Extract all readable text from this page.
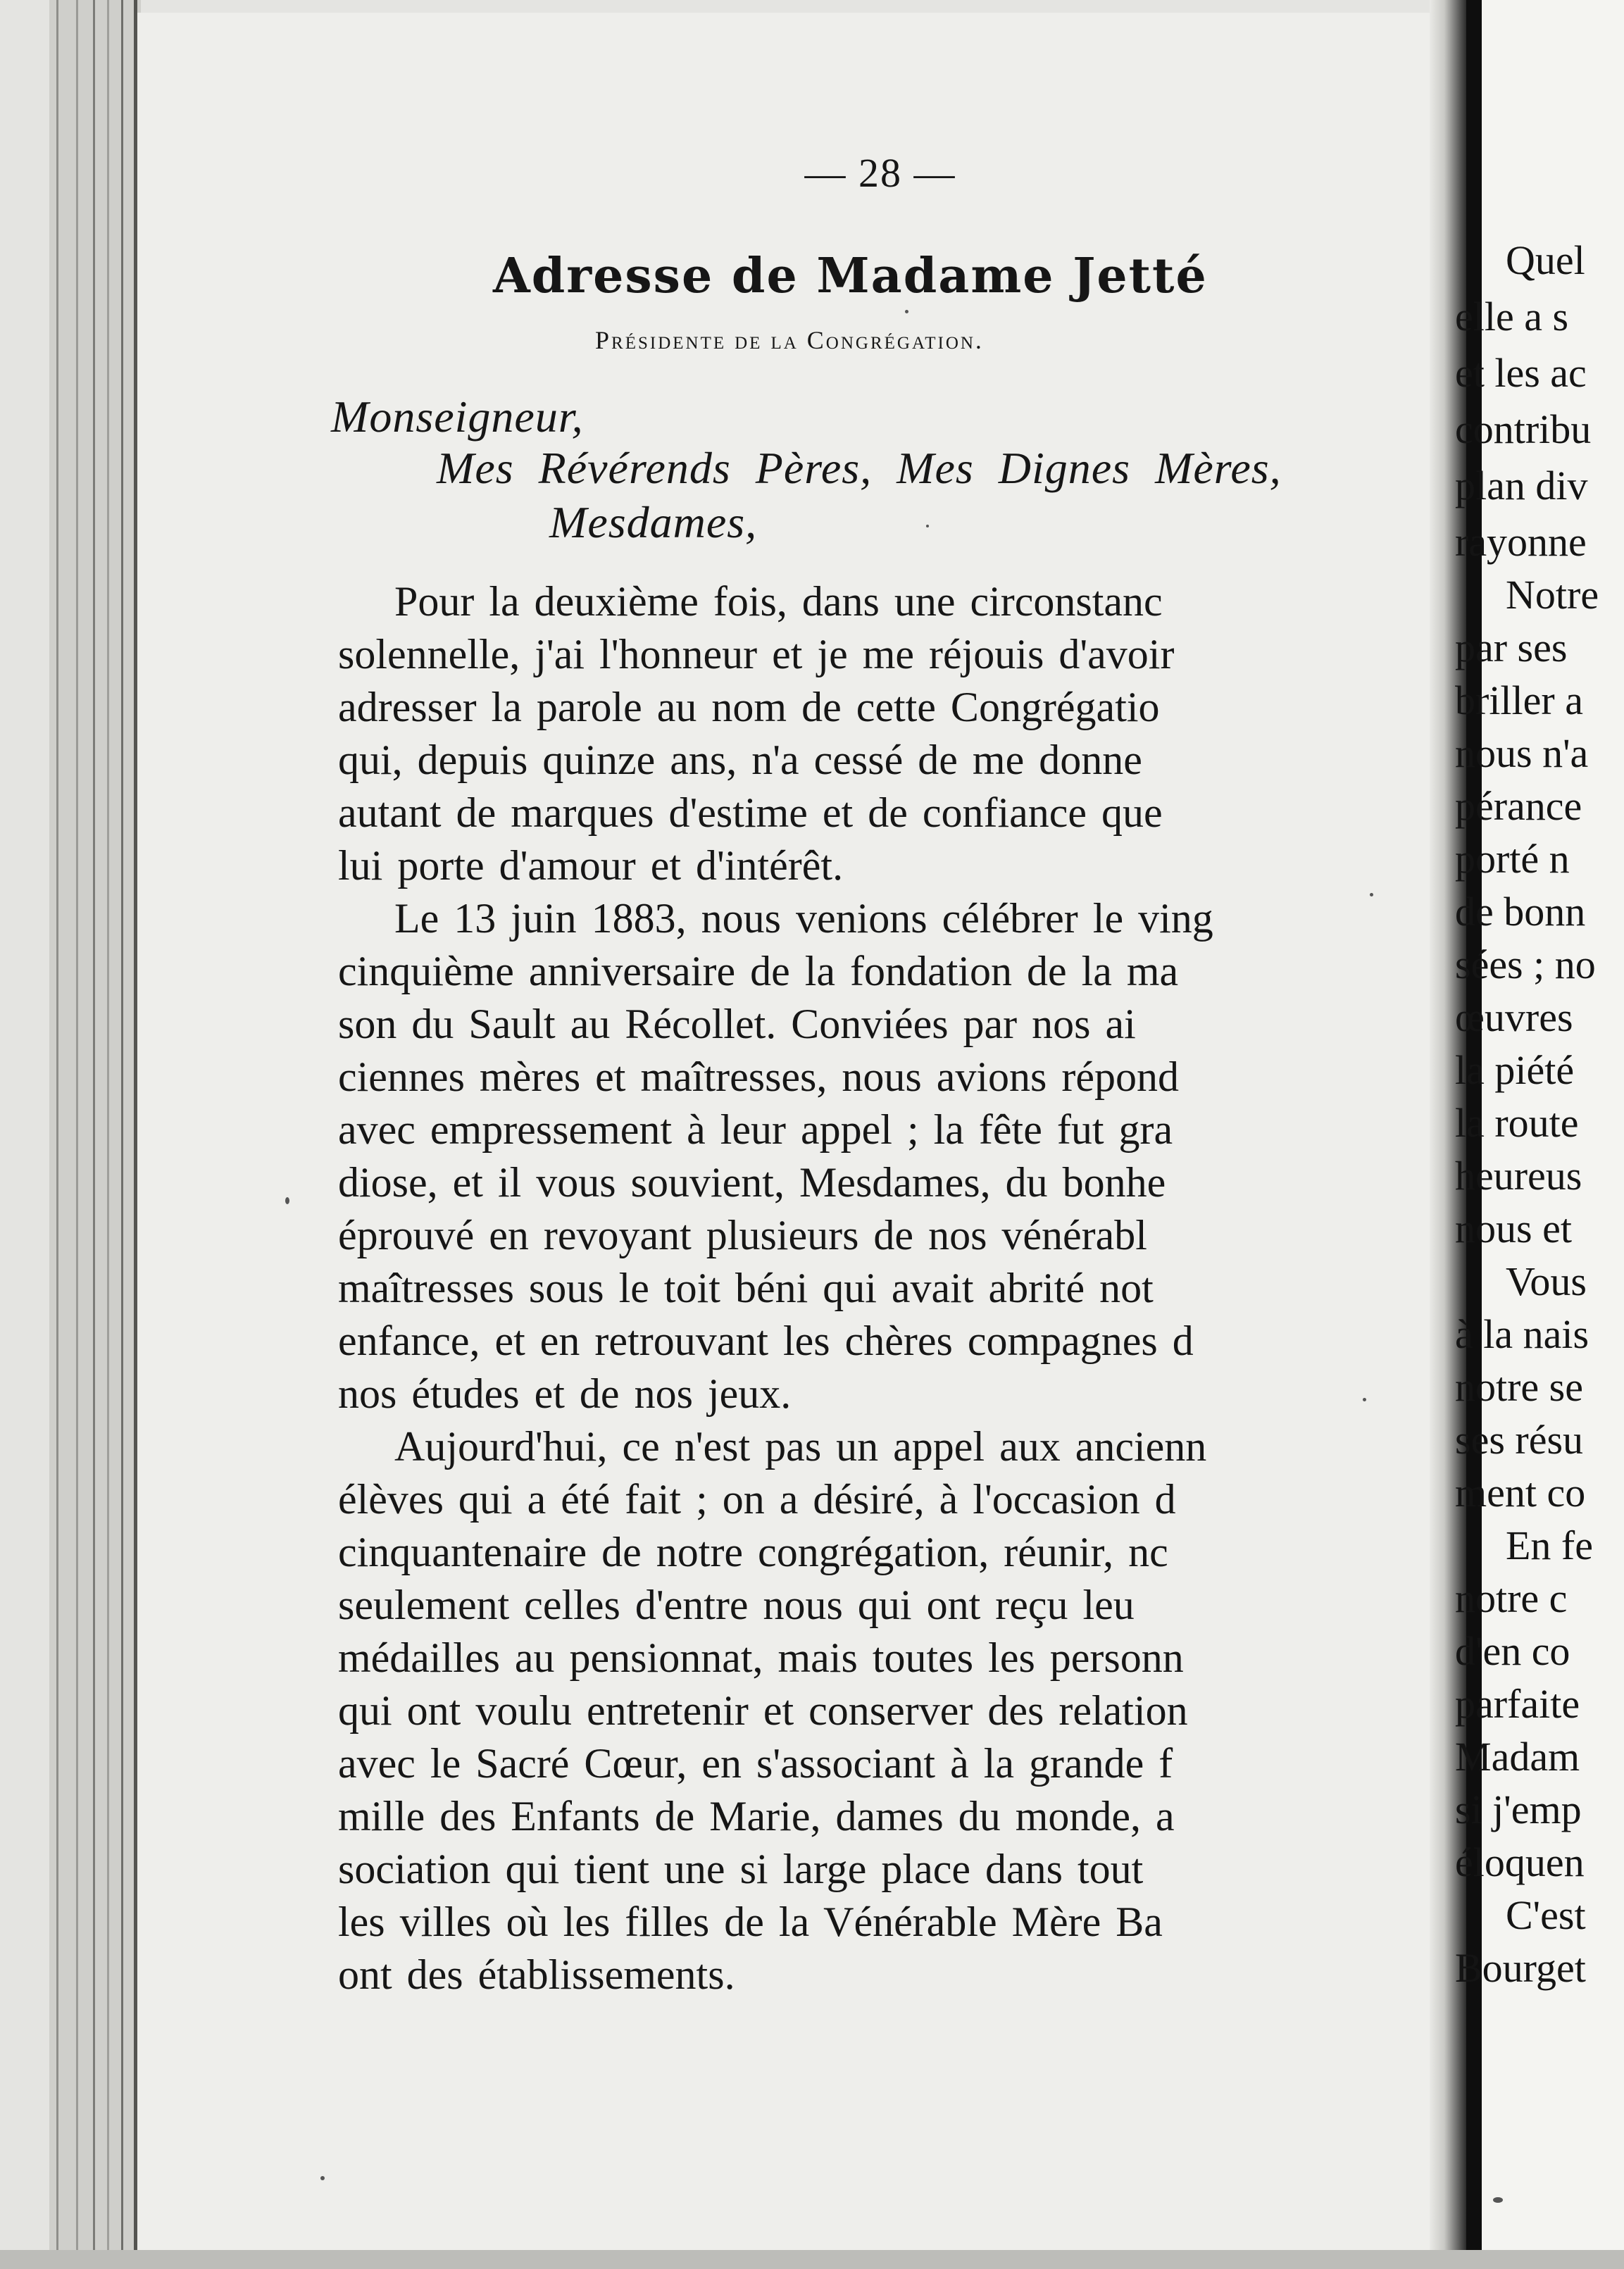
— 28 —
Adresse de Madame Jetté
Présidente de la Congrégation.
Monseigneur,
Mes Révérends Pères, Mes Dignes Mères,
Mesdames,
Pour la deuxième fois, dans une circonstanc
solennelle, j'ai l'honneur et je me réjouis d'avoir
adresser la parole au nom de cette Congrégatio
qui, depuis quinze ans, n'a cessé de me donne
autant de marques d'estime et de confiance que
lui porte d'amour et d'intérêt.
Le 13 juin 1883, nous venions célébrer le ving
cinquième anniversaire de la fondation de la ma
son du Sault au Récollet. Conviées par nos ai
ciennes mères et maîtresses, nous avions répond
avec empressement à leur appel ; la fête fut gra
diose, et il vous souvient, Mesdames, du bonhe
éprouvé en revoyant plusieurs de nos vénérabl
maîtresses sous le toit béni qui avait abrité not
enfance, et en retrouvant les chères compagnes d
nos études et de nos jeux.
Aujourd'hui, ce n'est pas un appel aux ancienn
élèves qui a été fait ; on a désiré, à l'occasion d
cinquantenaire de notre congrégation, réunir, nc
seulement celles d'entre nous qui ont reçu leu
médailles au pensionnat, mais toutes les personn
qui ont voulu entretenir et conserver des relation
avec le Sacré Cœur, en s'associant à la grande f
mille des Enfants de Marie, dames du monde, a
sociation qui tient une si large place dans tout
les villes où les filles de la Vénérable Mère Ba
ont des établissements.
Quel
elle a s
et les ac
contribu
plan div
rayonne
Notre
par ses
briller a
nous n'a
pérance
porté n
de bonn
sées ; no
œuvres
la piété
la route
heureus
nous et
Vous
à la nais
notre se
ses résu
ment co
En fe
notre c
d'en co
parfaite
Madam
si j'emp
éloquen
C'est
Bourget
